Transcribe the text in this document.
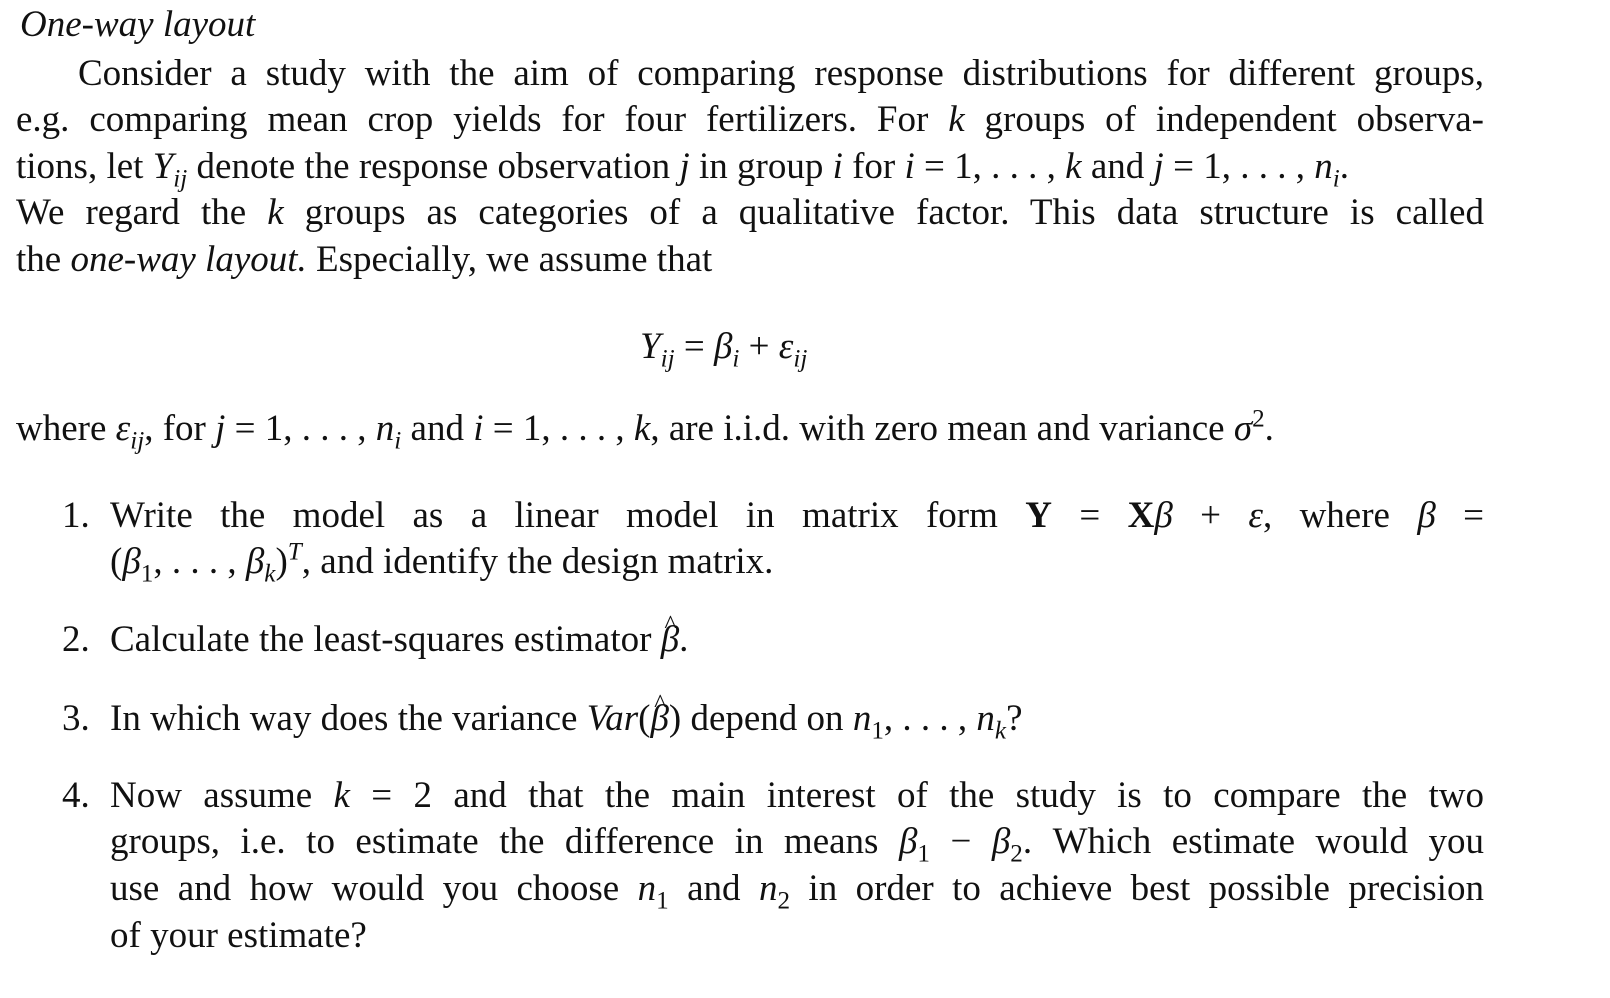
One-way layout
Consider a study with the aim of comparing response distributions for different groups,
e.g. comparing mean crop yields for four fertilizers. For k groups of independent observa-
tions, let $Y_{ij}$ denote the response observation j in group i for i = 1, . . . , k and j = 1, . . . , $n_i$.
We regard the k groups as categories of a qualitative factor. This data structure is called
the one-way layout. Especially, we assume that
$Y_{ij} = \beta_i + \varepsilon_{ij}$
where $\varepsilon_{ij}$, for j = 1, . . . , $n_i$ and i = 1, . . . , k, are i.i.d. with zero mean and variance $\sigma^2$.
1. Write the model as a linear model in matrix form Y = Xβ + ε, where β =
($\beta_1$, . . . , $\beta_k)^T$, and identify the design matrix.
2. Calculate the least-squares estimator ^ β.
3. In which way does the variance Var(^ β) depend on $n_1$, . . . , $n_k$?
4. Now assume k = 2 and that the main interest of the study is to compare the two
groups, i.e. to estimate the difference in means $\beta_1 - \beta_2$. Which estimate would you
use and how would you choose $n_1$ and $n_2$ in order to achieve best possible precision
of your estimate?
